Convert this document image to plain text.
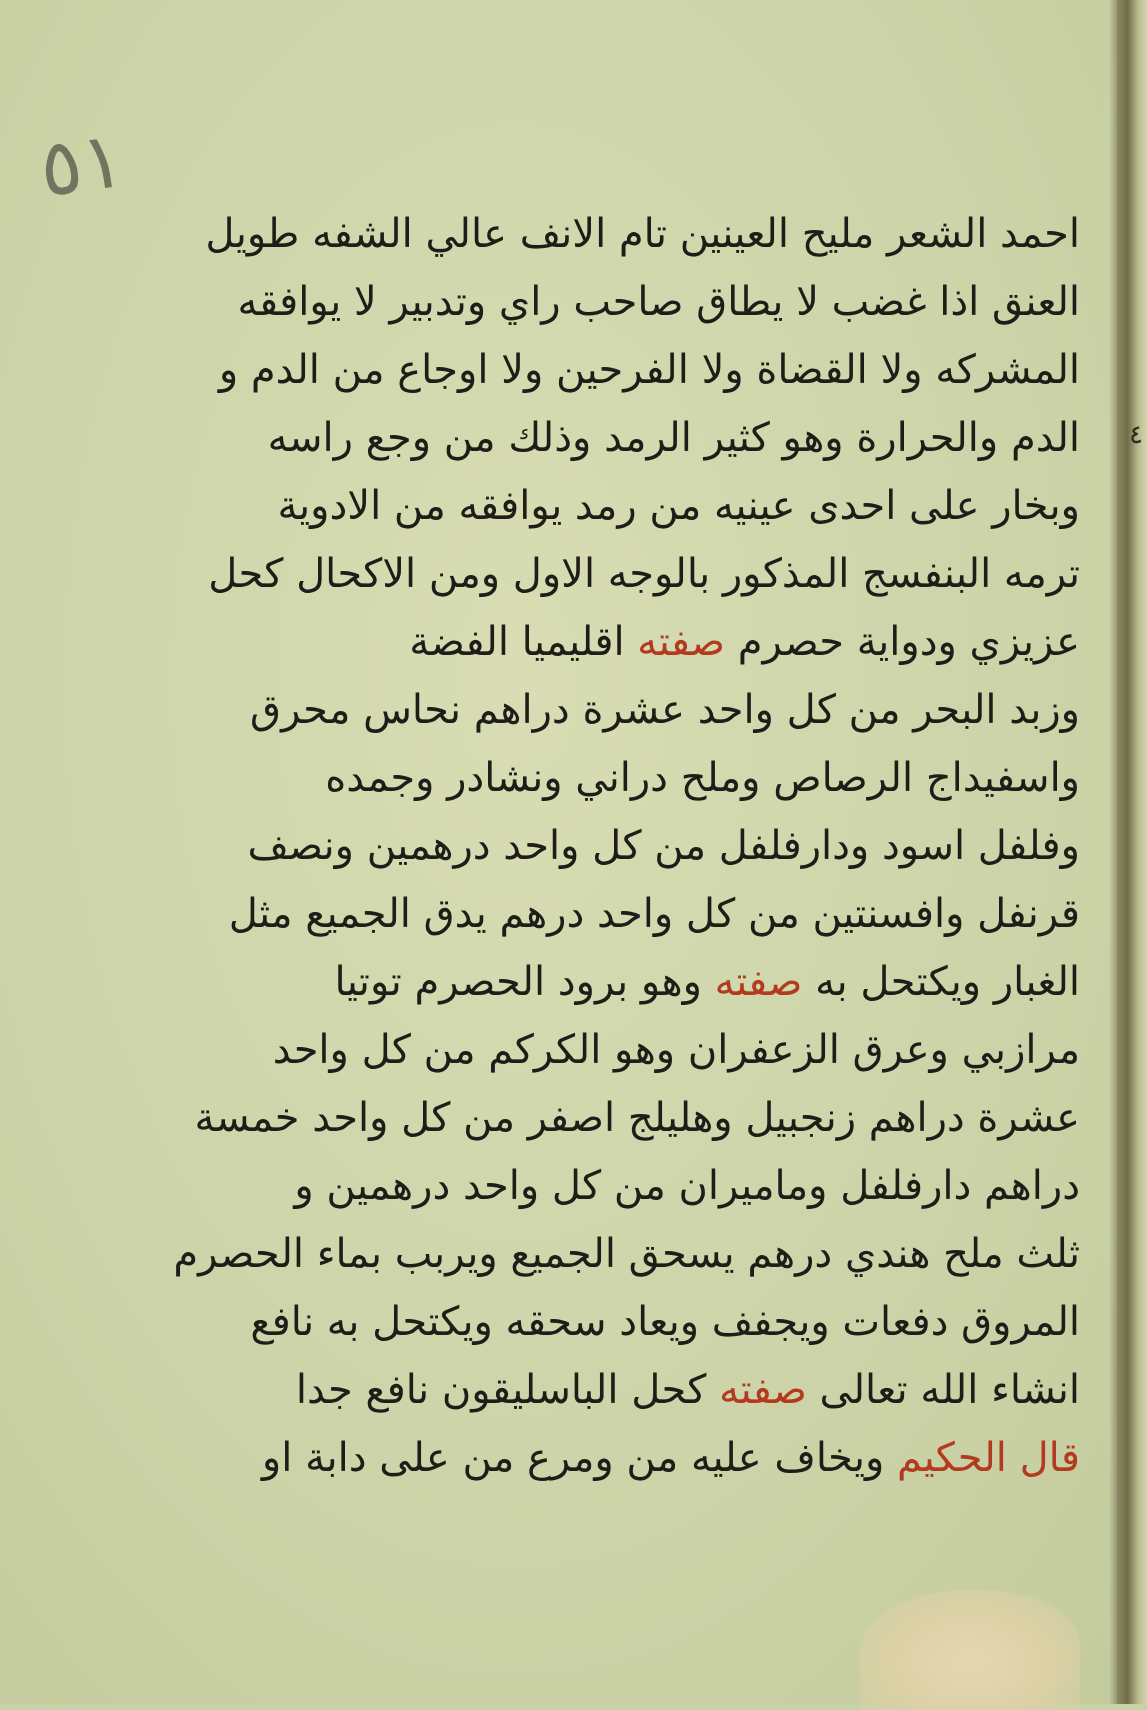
٥١
٤
احمد الشعر مليح العينين تام الانف عالي الشفه طويل
العنق اذا غضب لا يطاق صاحب راي وتدبير لا يوافقه
المشركه ولا القضاة ولا الفرحين ولا اوجاع من الدم و
الدم والحرارة وهو كثير الرمد وذلك من وجع راسه
وبخار على احدى عينيه من رمد يوافقه من الادوية
ترمه البنفسج المذكور بالوجه الاول ومن الاكحال كحل
عزيزي ودواية حصرم صفته اقليميا الفضة
وزبد البحر من كل واحد عشرة دراهم نحاس محرق
واسفيداج الرصاص وملح دراني ونشادر وجمده
وفلفل اسود ودارفلفل من كل واحد درهمين ونصف
قرنفل وافسنتين من كل واحد درهم يدق الجميع مثل
الغبار ويكتحل به صفته وهو برود الحصرم توتيا
مرازبي وعرق الزعفران وهو الكركم من كل واحد
عشرة دراهم زنجبيل وهليلج اصفر من كل واحد خمسة
دراهم دارفلفل وماميران من كل واحد درهمين و
ثلث ملح هندي درهم يسحق الجميع ويربب بماء الحصرم
المروق دفعات ويجفف ويعاد سحقه ويكتحل به نافع
انشاء الله تعالى صفته كحل الباسليقون نافع جدا
قال الحكيم ويخاف عليه من ومرع من على دابة او
